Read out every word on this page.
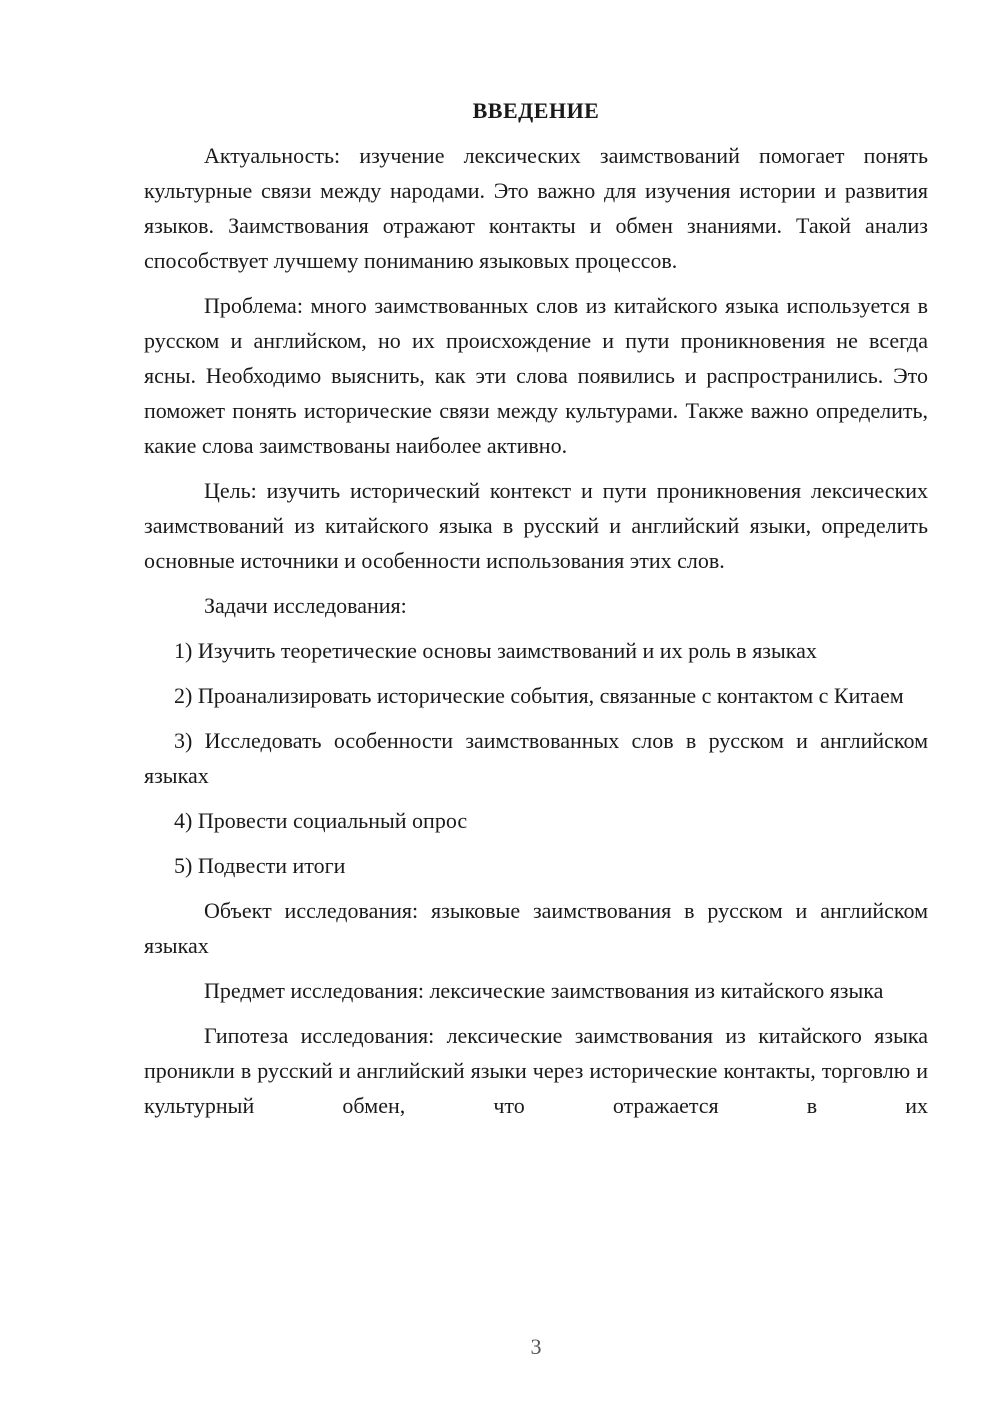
ВВЕДЕНИЕ

Актуальность: изучение лексических заимствований помогает понять культурные связи между народами. Это важно для изучения истории и развития языков. Заимствования отражают контакты и обмен знаниями. Такой анализ способствует лучшему пониманию языковых процессов.

Проблема: много заимствованных слов из китайского языка используется в русском и английском, но их происхождение и пути проникновения не всегда ясны. Необходимо выяснить, как эти слова появились и распространились. Это поможет понять исторические связи между культурами. Также важно определить, какие слова заимствованы наиболее активно.

Цель: изучить исторический контекст и пути проникновения лексических заимствований из китайского языка в русский и английский языки, определить основные источники и особенности использования этих слов.

Задачи исследования:

1) Изучить теоретические основы заимствований и их роль в языках

2) Проанализировать исторические события, связанные с контактом с Китаем

3) Исследовать особенности заимствованных слов в русском и английском языках

4) Провести социальный опрос

5) Подвести итоги

Объект исследования: языковые заимствования в русском и английском языках

Предмет исследования: лексические заимствования из китайского языка

Гипотеза исследования: лексические заимствования из китайского языка проникли в русский и английский языки через исторические контакты, торговлю и культурный обмен, что отражается в их

3
